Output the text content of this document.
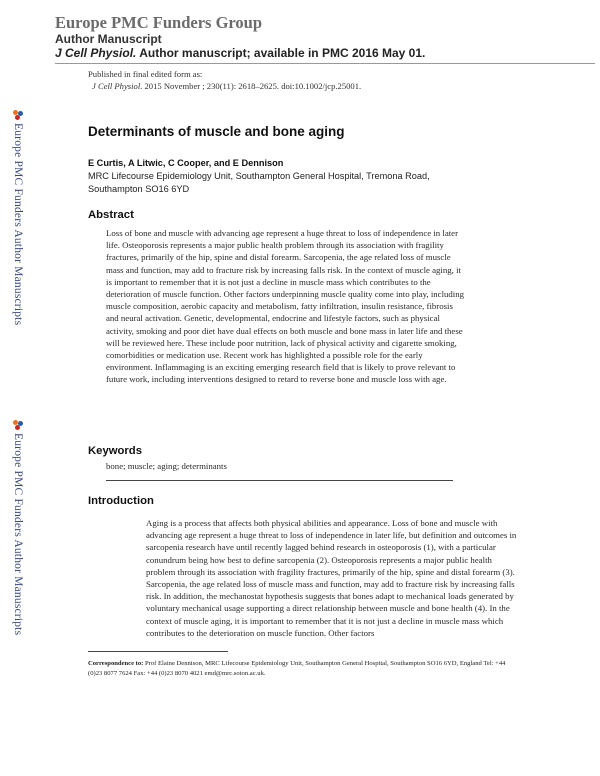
Europe PMC Funders Group
Author Manuscript
J Cell Physiol. Author manuscript; available in PMC 2016 May 01.
Published in final edited form as:
J Cell Physiol. 2015 November ; 230(11): 2618–2625. doi:10.1002/jcp.25001.
Europe PMC Funders Author Manuscripts
Europe PMC Funders Author Manuscripts
Determinants of muscle and bone aging
E Curtis, A Litwic, C Cooper, and E Dennison
MRC Lifecourse Epidemiology Unit, Southampton General Hospital, Tremona Road, Southampton SO16 6YD
Abstract
Loss of bone and muscle with advancing age represent a huge threat to loss of independence in later life. Osteoporosis represents a major public health problem through its association with fragility fractures, primarily of the hip, spine and distal forearm. Sarcopenia, the age related loss of muscle mass and function, may add to fracture risk by increasing falls risk. In the context of muscle aging, it is important to remember that it is not just a decline in muscle mass which contributes to the deterioration of muscle function. Other factors underpinning muscle quality come into play, including muscle composition, aerobic capacity and metabolism, fatty infiltration, insulin resistance, fibrosis and neural activation. Genetic, developmental, endocrine and lifestyle factors, such as physical activity, smoking and poor diet have dual effects on both muscle and bone mass in later life and these will be reviewed here. These include poor nutrition, lack of physical activity and cigarette smoking, comorbidities or medication use. Recent work has highlighted a possible role for the early environment. Inflammaging is an exciting emerging research field that is likely to prove relevant to future work, including interventions designed to retard to reverse bone and muscle loss with age.
Keywords
bone; muscle; aging; determinants
Introduction

Aging is a process that affects both physical abilities and appearance. Loss of bone and muscle with advancing age represent a huge threat to loss of independence in later life, but definition and outcomes in sarcopenia research have until recently lagged behind research in osteoporosis (1), with a particular conundrum being how best to define sarcopenia (2). Osteoporosis represents a major public health problem through its association with fragility fractures, primarily of the hip, spine and distal forearm (3). Sarcopenia, the age related loss of muscle mass and function, may add to fracture risk by increasing falls risk. In addition, the mechanostat hypothesis suggests that bones adapt to mechanical loads generated by voluntary mechanical usage supporting a direct relationship between muscle and bone health (4). In the context of muscle aging, it is important to remember that it is not just a decline in muscle mass which contributes to the deterioration on muscle function. Other factors

Correspondence to: Prof Elaine Dennison, MRC Lifecourse Epidemiology Unit, Southampton General Hospital, Southampton SO16 6YD, England Tel: +44 (0)23 8077 7624 Fax: +44 (0)23 8070 4021 emd@mrc.soton.ac.uk.
